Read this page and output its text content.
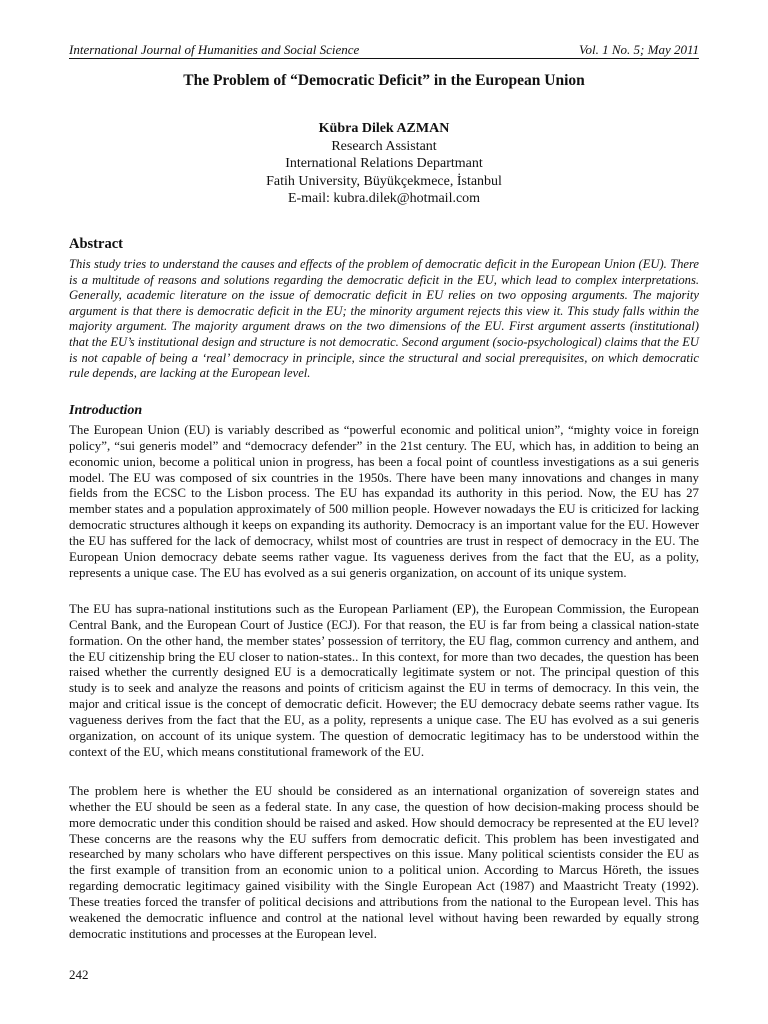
International Journal of Humanities and Social Science	Vol. 1 No. 5; May 2011
The Problem of “Democratic Deficit” in the European Union
Kübra Dilek AZMAN
Research Assistant
International Relations Departmant
Fatih University, Büyükçekmece, İstanbul
E-mail: kubra.dilek@hotmail.com
Abstract

This study tries to understand the causes and effects of the problem of democratic deficit in the European Union (EU). There is a multitude of reasons and solutions regarding the democratic deficit in the EU, which lead to complex interpretations. Generally, academic literature on the issue of democratic deficit in EU relies on two opposing arguments. The majority argument is that there is democratic deficit in the EU; the minority argument rejects this view it. This study falls within the majority argument. The majority argument draws on the two dimensions of the EU. First argument asserts (institutional) that the EU’s institutional design and structure is not democratic. Second argument (socio-psychological) claims that the EU is not capable of being a ‘real’ democracy in principle, since the structural and social prerequisites, on which democratic rule depends, are lacking at the European level.

Introduction

The European Union (EU) is variably described as “powerful economic and political union”, “mighty voice in foreign policy”, “sui generis model” and “democracy defender” in the 21st century. The EU, which has, in addition to being an economic union, become a political union in progress, has been a focal point of countless investigations as a sui generis model. The EU was composed of six countries in the 1950s. There have been many innovations and changes in many fields from the ECSC to the Lisbon process. The EU has expandad its authority in this period. Now, the EU has 27 member states and a population approximately of 500 million people. However nowadays the EU is criticized for lacking democratic structures although it keeps on expanding its authority. Democracy is an important value for the EU. However the EU has suffered for the lack of democracy, whilst most of countries are trust in respect of democracy in the EU. The European Union democracy debate seems rather vague. Its vagueness derives from the fact that the EU, as a polity, represents a unique case. The EU has evolved as a sui generis organization, on account of its unique system.

The EU has supra-national institutions such as the European Parliament (EP), the European Commission, the European Central Bank, and the European Court of Justice (ECJ). For that reason, the EU is far from being a classical nation-state formation. On the other hand, the member states’ possession of territory, the EU flag, common currency and anthem, and the EU citizenship bring the EU closer to nation-states.. In this context, for more than two decades, the question has been raised whether the currently designed EU is a democratically legitimate system or not. The principal question of this study is to seek and analyze the reasons and points of criticism against the EU in terms of democracy. In this vein, the major and critical issue is the concept of democratic deficit. However; the EU democracy debate seems rather vague. Its vagueness derives from the fact that the EU, as a polity, represents a unique case. The EU has evolved as a sui generis organization, on account of its unique system. The question of democratic legitimacy has to be understood within the context of the EU, which means constitutional framework of the EU.

The problem here is whether the EU should be considered as an international organization of sovereign states and whether the EU should be seen as a federal state. In any case, the question of how decision-making process should be more democratic under this condition should be raised and asked. How should democracy be represented at the EU level? These concerns are the reasons why the EU suffers from democratic deficit. This problem has been investigated and researched by many scholars who have different perspectives on this issue. Many political scientists consider the EU as the first example of transition from an economic union to a political union. According to Marcus Höreth, the issues regarding democratic legitimacy gained visibility with the Single European Act (1987) and Maastricht Treaty (1992). These treaties forced the transfer of political decisions and attributions from the national to the European level. This has weakened the democratic influence and control at the national level without having been rewarded by equally strong democratic institutions and processes at the European level.

242
